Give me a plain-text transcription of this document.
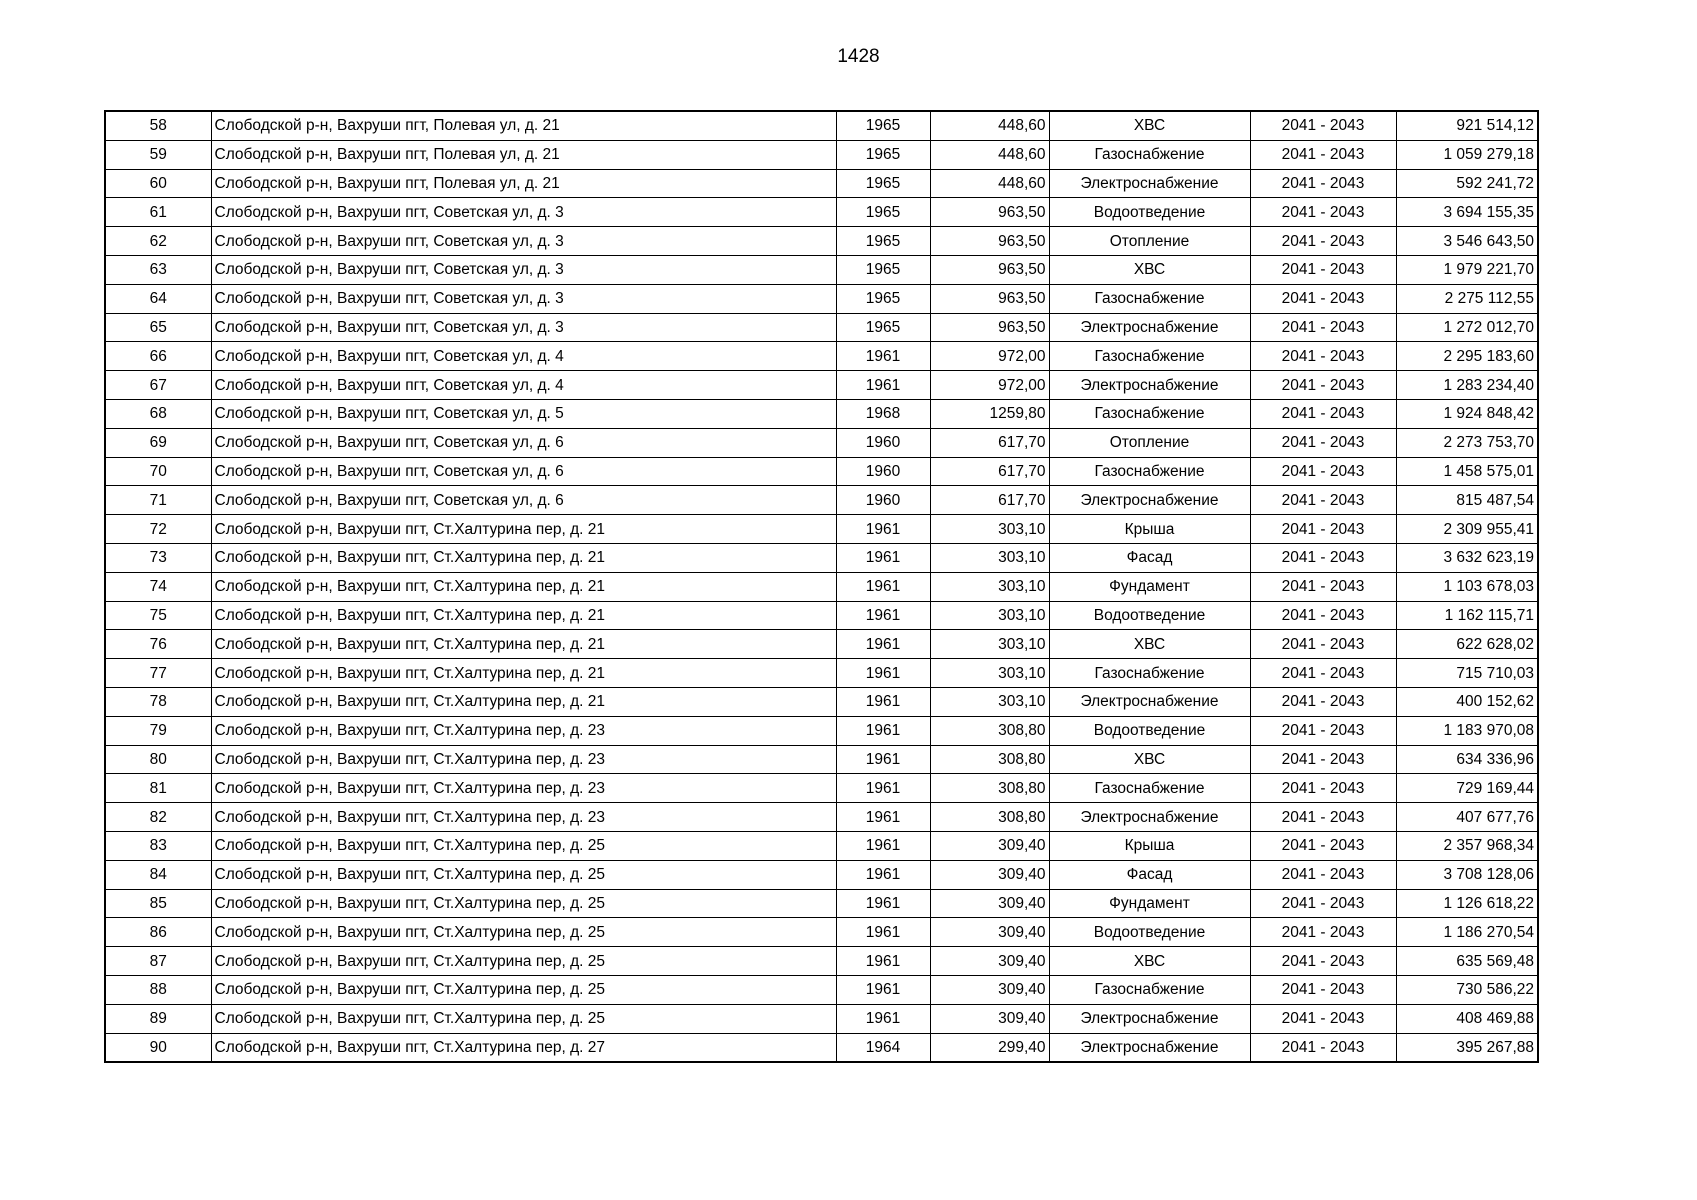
1428
58	Слободской р-н, Вахруши пгт, Полевая ул, д. 21	1965	448,60	ХВС	2041 - 2043	921 514,12
59	Слободской р-н, Вахруши пгт, Полевая ул, д. 21	1965	448,60	Газоснабжение	2041 - 2043	1 059 279,18
60	Слободской р-н, Вахруши пгт, Полевая ул, д. 21	1965	448,60	Электроснабжение	2041 - 2043	592 241,72
61	Слободской р-н, Вахруши пгт, Советская ул, д. 3	1965	963,50	Водоотведение	2041 - 2043	3 694 155,35
62	Слободской р-н, Вахруши пгт, Советская ул, д. 3	1965	963,50	Отопление	2041 - 2043	3 546 643,50
63	Слободской р-н, Вахруши пгт, Советская ул, д. 3	1965	963,50	ХВС	2041 - 2043	1 979 221,70
64	Слободской р-н, Вахруши пгт, Советская ул, д. 3	1965	963,50	Газоснабжение	2041 - 2043	2 275 112,55
65	Слободской р-н, Вахруши пгт, Советская ул, д. 3	1965	963,50	Электроснабжение	2041 - 2043	1 272 012,70
66	Слободской р-н, Вахруши пгт, Советская ул, д. 4	1961	972,00	Газоснабжение	2041 - 2043	2 295 183,60
67	Слободской р-н, Вахруши пгт, Советская ул, д. 4	1961	972,00	Электроснабжение	2041 - 2043	1 283 234,40
68	Слободской р-н, Вахруши пгт, Советская ул, д. 5	1968	1259,80	Газоснабжение	2041 - 2043	1 924 848,42
69	Слободской р-н, Вахруши пгт, Советская ул, д. 6	1960	617,70	Отопление	2041 - 2043	2 273 753,70
70	Слободской р-н, Вахруши пгт, Советская ул, д. 6	1960	617,70	Газоснабжение	2041 - 2043	1 458 575,01
71	Слободской р-н, Вахруши пгт, Советская ул, д. 6	1960	617,70	Электроснабжение	2041 - 2043	815 487,54
72	Слободской р-н, Вахруши пгт, Ст.Халтурина пер, д. 21	1961	303,10	Крыша	2041 - 2043	2 309 955,41
73	Слободской р-н, Вахруши пгт, Ст.Халтурина пер, д. 21	1961	303,10	Фасад	2041 - 2043	3 632 623,19
74	Слободской р-н, Вахруши пгт, Ст.Халтурина пер, д. 21	1961	303,10	Фундамент	2041 - 2043	1 103 678,03
75	Слободской р-н, Вахруши пгт, Ст.Халтурина пер, д. 21	1961	303,10	Водоотведение	2041 - 2043	1 162 115,71
76	Слободской р-н, Вахруши пгт, Ст.Халтурина пер, д. 21	1961	303,10	ХВС	2041 - 2043	622 628,02
77	Слободской р-н, Вахруши пгт, Ст.Халтурина пер, д. 21	1961	303,10	Газоснабжение	2041 - 2043	715 710,03
78	Слободской р-н, Вахруши пгт, Ст.Халтурина пер, д. 21	1961	303,10	Электроснабжение	2041 - 2043	400 152,62
79	Слободской р-н, Вахруши пгт, Ст.Халтурина пер, д. 23	1961	308,80	Водоотведение	2041 - 2043	1 183 970,08
80	Слободской р-н, Вахруши пгт, Ст.Халтурина пер, д. 23	1961	308,80	ХВС	2041 - 2043	634 336,96
81	Слободской р-н, Вахруши пгт, Ст.Халтурина пер, д. 23	1961	308,80	Газоснабжение	2041 - 2043	729 169,44
82	Слободской р-н, Вахруши пгт, Ст.Халтурина пер, д. 23	1961	308,80	Электроснабжение	2041 - 2043	407 677,76
83	Слободской р-н, Вахруши пгт, Ст.Халтурина пер, д. 25	1961	309,40	Крыша	2041 - 2043	2 357 968,34
84	Слободской р-н, Вахруши пгт, Ст.Халтурина пер, д. 25	1961	309,40	Фасад	2041 - 2043	3 708 128,06
85	Слободской р-н, Вахруши пгт, Ст.Халтурина пер, д. 25	1961	309,40	Фундамент	2041 - 2043	1 126 618,22
86	Слободской р-н, Вахруши пгт, Ст.Халтурина пер, д. 25	1961	309,40	Водоотведение	2041 - 2043	1 186 270,54
87	Слободской р-н, Вахруши пгт, Ст.Халтурина пер, д. 25	1961	309,40	ХВС	2041 - 2043	635 569,48
88	Слободской р-н, Вахруши пгт, Ст.Халтурина пер, д. 25	1961	309,40	Газоснабжение	2041 - 2043	730 586,22
89	Слободской р-н, Вахруши пгт, Ст.Халтурина пер, д. 25	1961	309,40	Электроснабжение	2041 - 2043	408 469,88
90	Слободской р-н, Вахруши пгт, Ст.Халтурина пер, д. 27	1964	299,40	Электроснабжение	2041 - 2043	395 267,88
